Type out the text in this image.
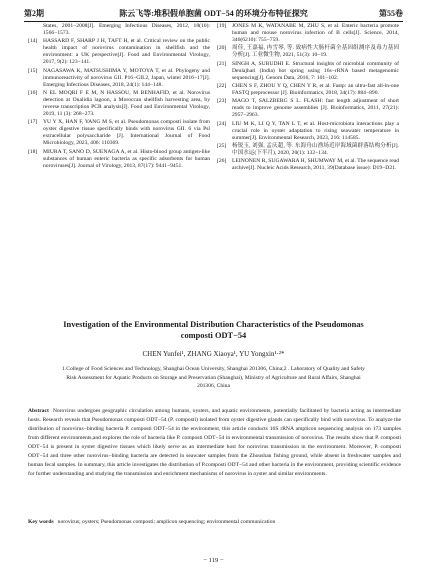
第2期	陈云飞等:堆积假单胞菌 ODT−54 的环境分布特征探究	第55卷
States, 2001−2008[J]. Emerging Infectious Diseases, 2012, 18(10): 1566−1573.
[14]	HASSARD F, SHARP J H, TAFT H, et al. Critical review on the public health impact of norovirus contamination in shellfish and the environment: a UK perspective[J]. Food and Environmental Virology, 2017, 9(2): 123−141.
[15]	NAGASAWA K, MATSUSHIMA Y, MOTOYA T, et al. Phylogeny and immunoreactivity of norovirus GII. P16−GII.2, Japan, winter 2016−17[J]. Emerging Infectious Diseases, 2018, 24(1): 144−148.
[16]	N EL MOQRI F E M, N HASSOU, M BENHAFID, et al. Norovirus detection at Oualidia lagoon, a Moroccan shellfish harvesting area, by reverse transcription PCR analysis[J]. Food and Environmental Virology, 2019, 11 (3): 268−273.
[17]	YU Y X, HAN F, YANG M S, et al. Pseudomonas composti isolate from oyster digestive tissue specifically binds with norovirus GII. 6 via Psl extracellular polysaccharide [J]. International Journal of Food Microbiology, 2023, 406: 110369.
[18]	MIURA T, SANO D, SUENAGA A, et al. Histo-blood group antigen-like substances of human enteric bacteria as specific adsorbents for human noroviruses[J]. Journal of Virology, 2013, 87(17): 9441−9451.
[19]	JONES M K, WATANABE M, ZHU S, et al. Enteric bacteria promote human and mouse norovirus infection of B cells[J]. Science, 2014, 346(6210): 755−759.
[20]	周佳, 王嘉福, 冉雪琴, 等. 致病性大肠杆菌全基因组测序及毒力基因分析[J]. 工业微生物, 2021, 51(3): 10−19.
[21]	SINGH A, SUBUDHI E. Structural insights of microbial community of Deulajhari (India) hot spring using 16s−rRNA based metagenomic sequencing[J]. Genom Data, 2016, 7: 101−102.
[22]	CHEN S F, ZHOU Y Q, CHEN Y R, et al. Fastp: an ultra-fast all-in-one FASTQ preprocessor [J]. Bioinformatics, 2018, 34(17): 884−890.
[23]	MAGO T, SALZBERG S L. FLASH: fast length adjustment of short reads to improve genome assemblies [J]. Bioinformatics, 2011, 27(21): 2957−2963.
[24]	LIU M K, LI Q Y, TAN L T, et al. Host-microbiota interactions play a crucial role in oyster adaptation to rising seawater temperature in summer[J]. Environmental Research, 2023, 216: 114585.
[25]	杨锐玉, 刘强, 孟庆超, 等. 东海舟山渔场近岸海域菌群落结构分析[J]. 中国水运(下半月), 2020, 20(1): 132−134.
[26]	LEINONEN R, SUGAWARA H, SHUMWAY M, et al. The sequence read archive[J]. Nucleic Acids Research, 2011, 39(Database issue): D19−D21.
Investigation of the Environmental Distribution Characteristics of the Pseudomonas
composti ODT−54
CHEN Yunfei¹, ZHANG Xiaoya¹, YU Yongxin¹·²*
1.College of Food Sciences and Technology, Shanghai Ocean University, Shanghai 201306, China;2 . Laboratory of Quality and Safety Risk Assessment for Aquatic Products on Storage and Preservation (Shanghai), Ministry of Agriculture and Rural Affairs, Shanghai 201306, China
Abstract Norovirus undergoes geographic circulation among humans, oysters, and aquatic environments, potentially facilitated by bacteria acting as intermediate hosts. Research reveals that Pseudomonas composti ODT−54 (P. composti) isolated from oyster digestive glands can specifically bind with norovirus. To analyze the distribution of norovirus−binding bacteria P. composti ODT−54 in the environment, this article conducts 16S rRNA amplicon sequencing analysis on 173 samples from different environments,and explores the role of bacteria like P. composti ODT−54 in environmental transmission of norovirus. The results show that P. composti ODT−54 is present in oyster digestive tissues which likely serve as an intermediate host for norovirus transmission in the environment. Moreover, P. composti ODT−54 and three other norovirus−binding bacteria are detected in seawater samples from the Zhoushan fishing ground, while absent in freshwater samples and human fecal samples. In summary, this article investigates the distribution of P.composti ODT−54 and other bacteria in the environment, providing scientific evidence for further understanding and studying the transmission and enrichment mechanisms of norovirus in oyster and similar environments.
Key words norovirus; oysters; Pseudomonas composti; amplicon sequencing; environmental communication
− 119 −
